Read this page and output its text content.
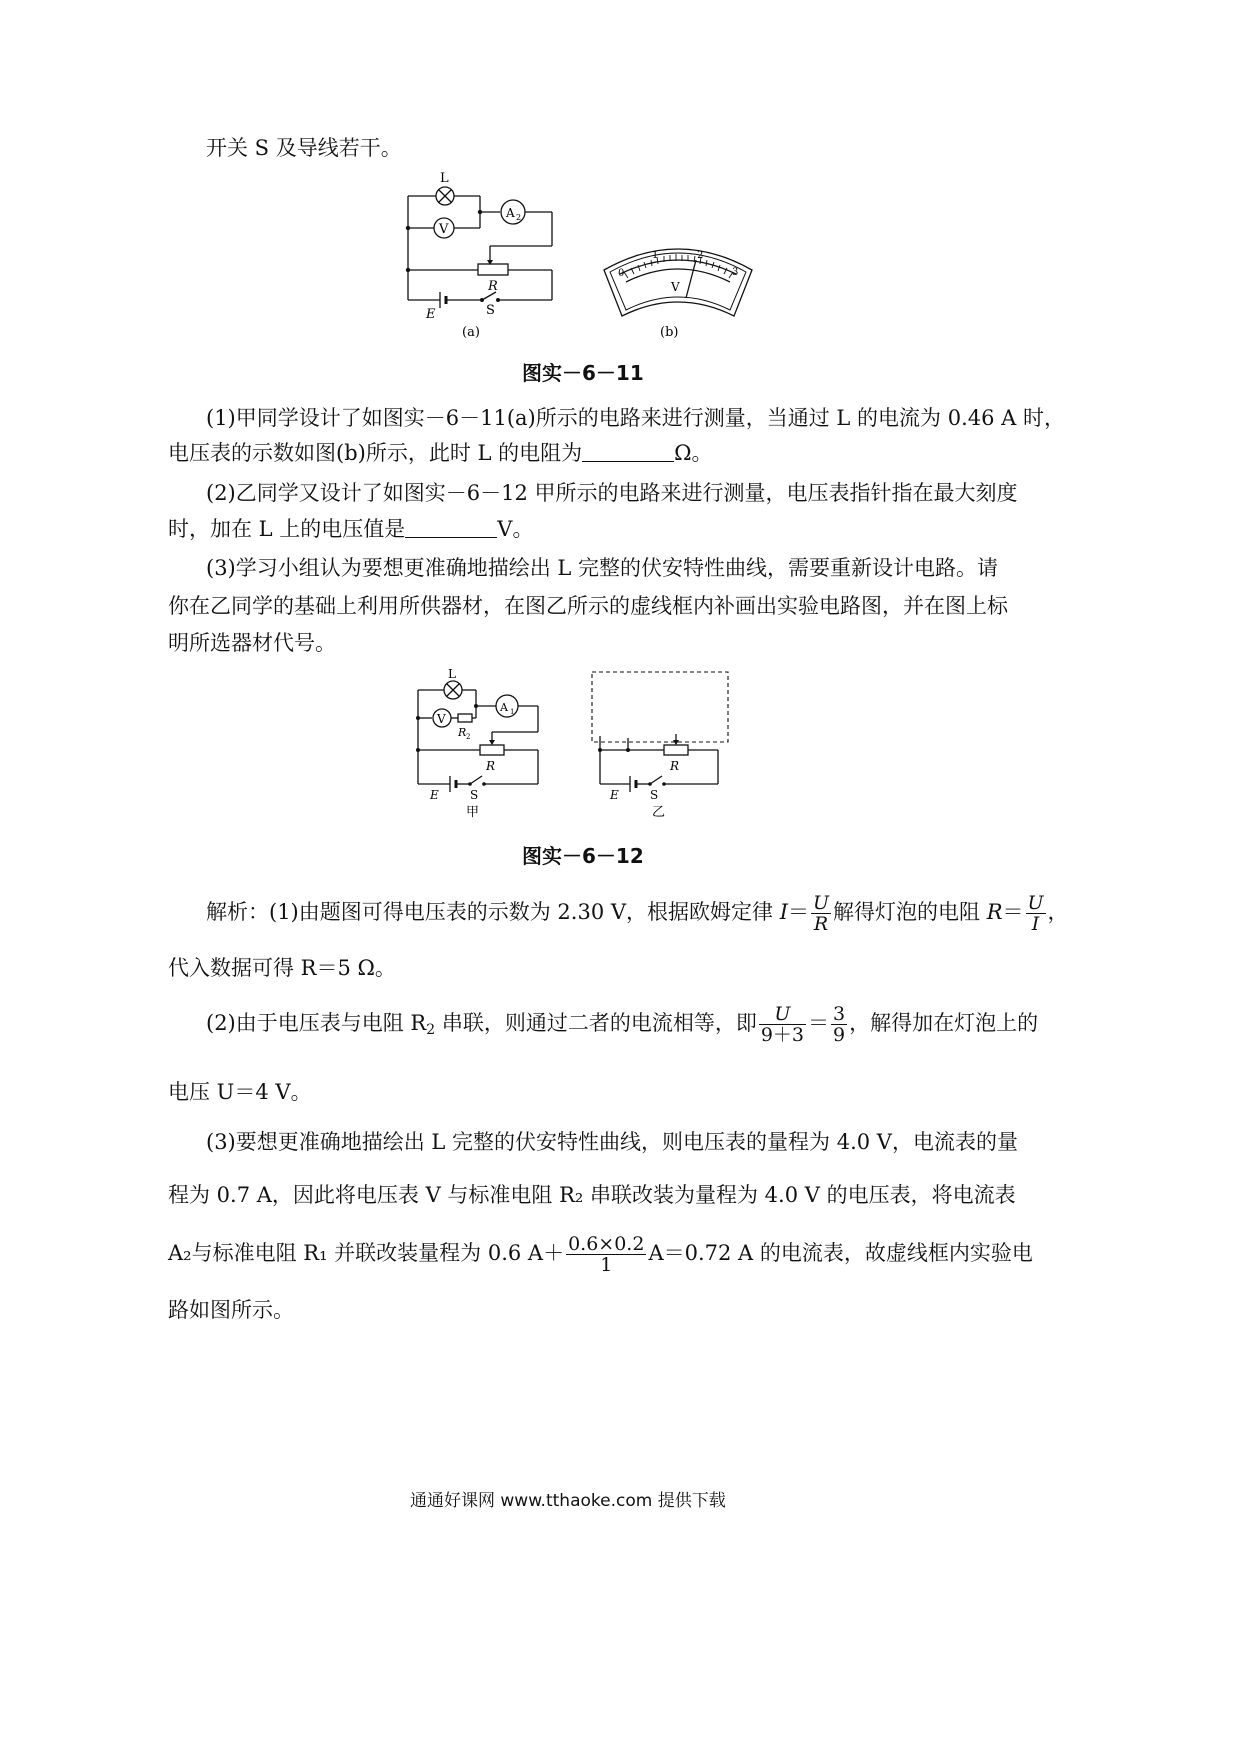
开关 S 及导线若干。
L
V
A 2
R
S
E
(a)
0
1	2
3
V
(b)
图实－6－11
(1)甲同学设计了如图实－6－11(a)所示的电路来进行测量，当通过 L 的电流为 0.46 A 时，
电压表的示数如图(b)所示，此时 L 的电阻为	Ω。
(2)乙同学又设计了如图实－6－12 甲所示的电路来进行测量，电压表指针指在最大刻度
时，加在 L 上的电压值是	V。
(3)学习小组认为要想更准确地描绘出 L 完整的伏安特性曲线，需要重新设计电路。请
你在乙同学的基础上利用所供器材，在图乙所示的虚线框内补画出实验电路图，并在图上标
明所选器材代号。
L
V
A 1
R 2
R
S
E
甲
R
S
E
乙
图实－6－12
解析：(1)由题图可得电压表的示数为 2.30 V，根据欧姆定律 $I= \frac{U}{R}$ 解得灯泡的电阻 $R= \frac{U}{I}$ ，
代入数据可得 R＝5 Ω。
(2)由于电压表与电阻 $R_2$ 串联，则通过二者的电流相等，即 $\frac{U}{9+3} = \frac{3}{9}$ ，解得加在灯泡上的
电压 U＝4 V。
(3)要想更准确地描绘出 L 完整的伏安特性曲线，则电压表的量程为 4.0 V，电流表的量
程为 0.7 A，因此将电压表 V 与标准电阻 R₂ 串联改装为量程为 4.0 V 的电压表，将电流表
A₂与标准电阻 R₁ 并联改装量程为 0.6 $A+ \frac{0.6\times 0.2}{1} A=0.72$ A 的电流表，故虚线框内实验电
路如图所示。
通通好课网 www.tthaoke.com 提供下载
